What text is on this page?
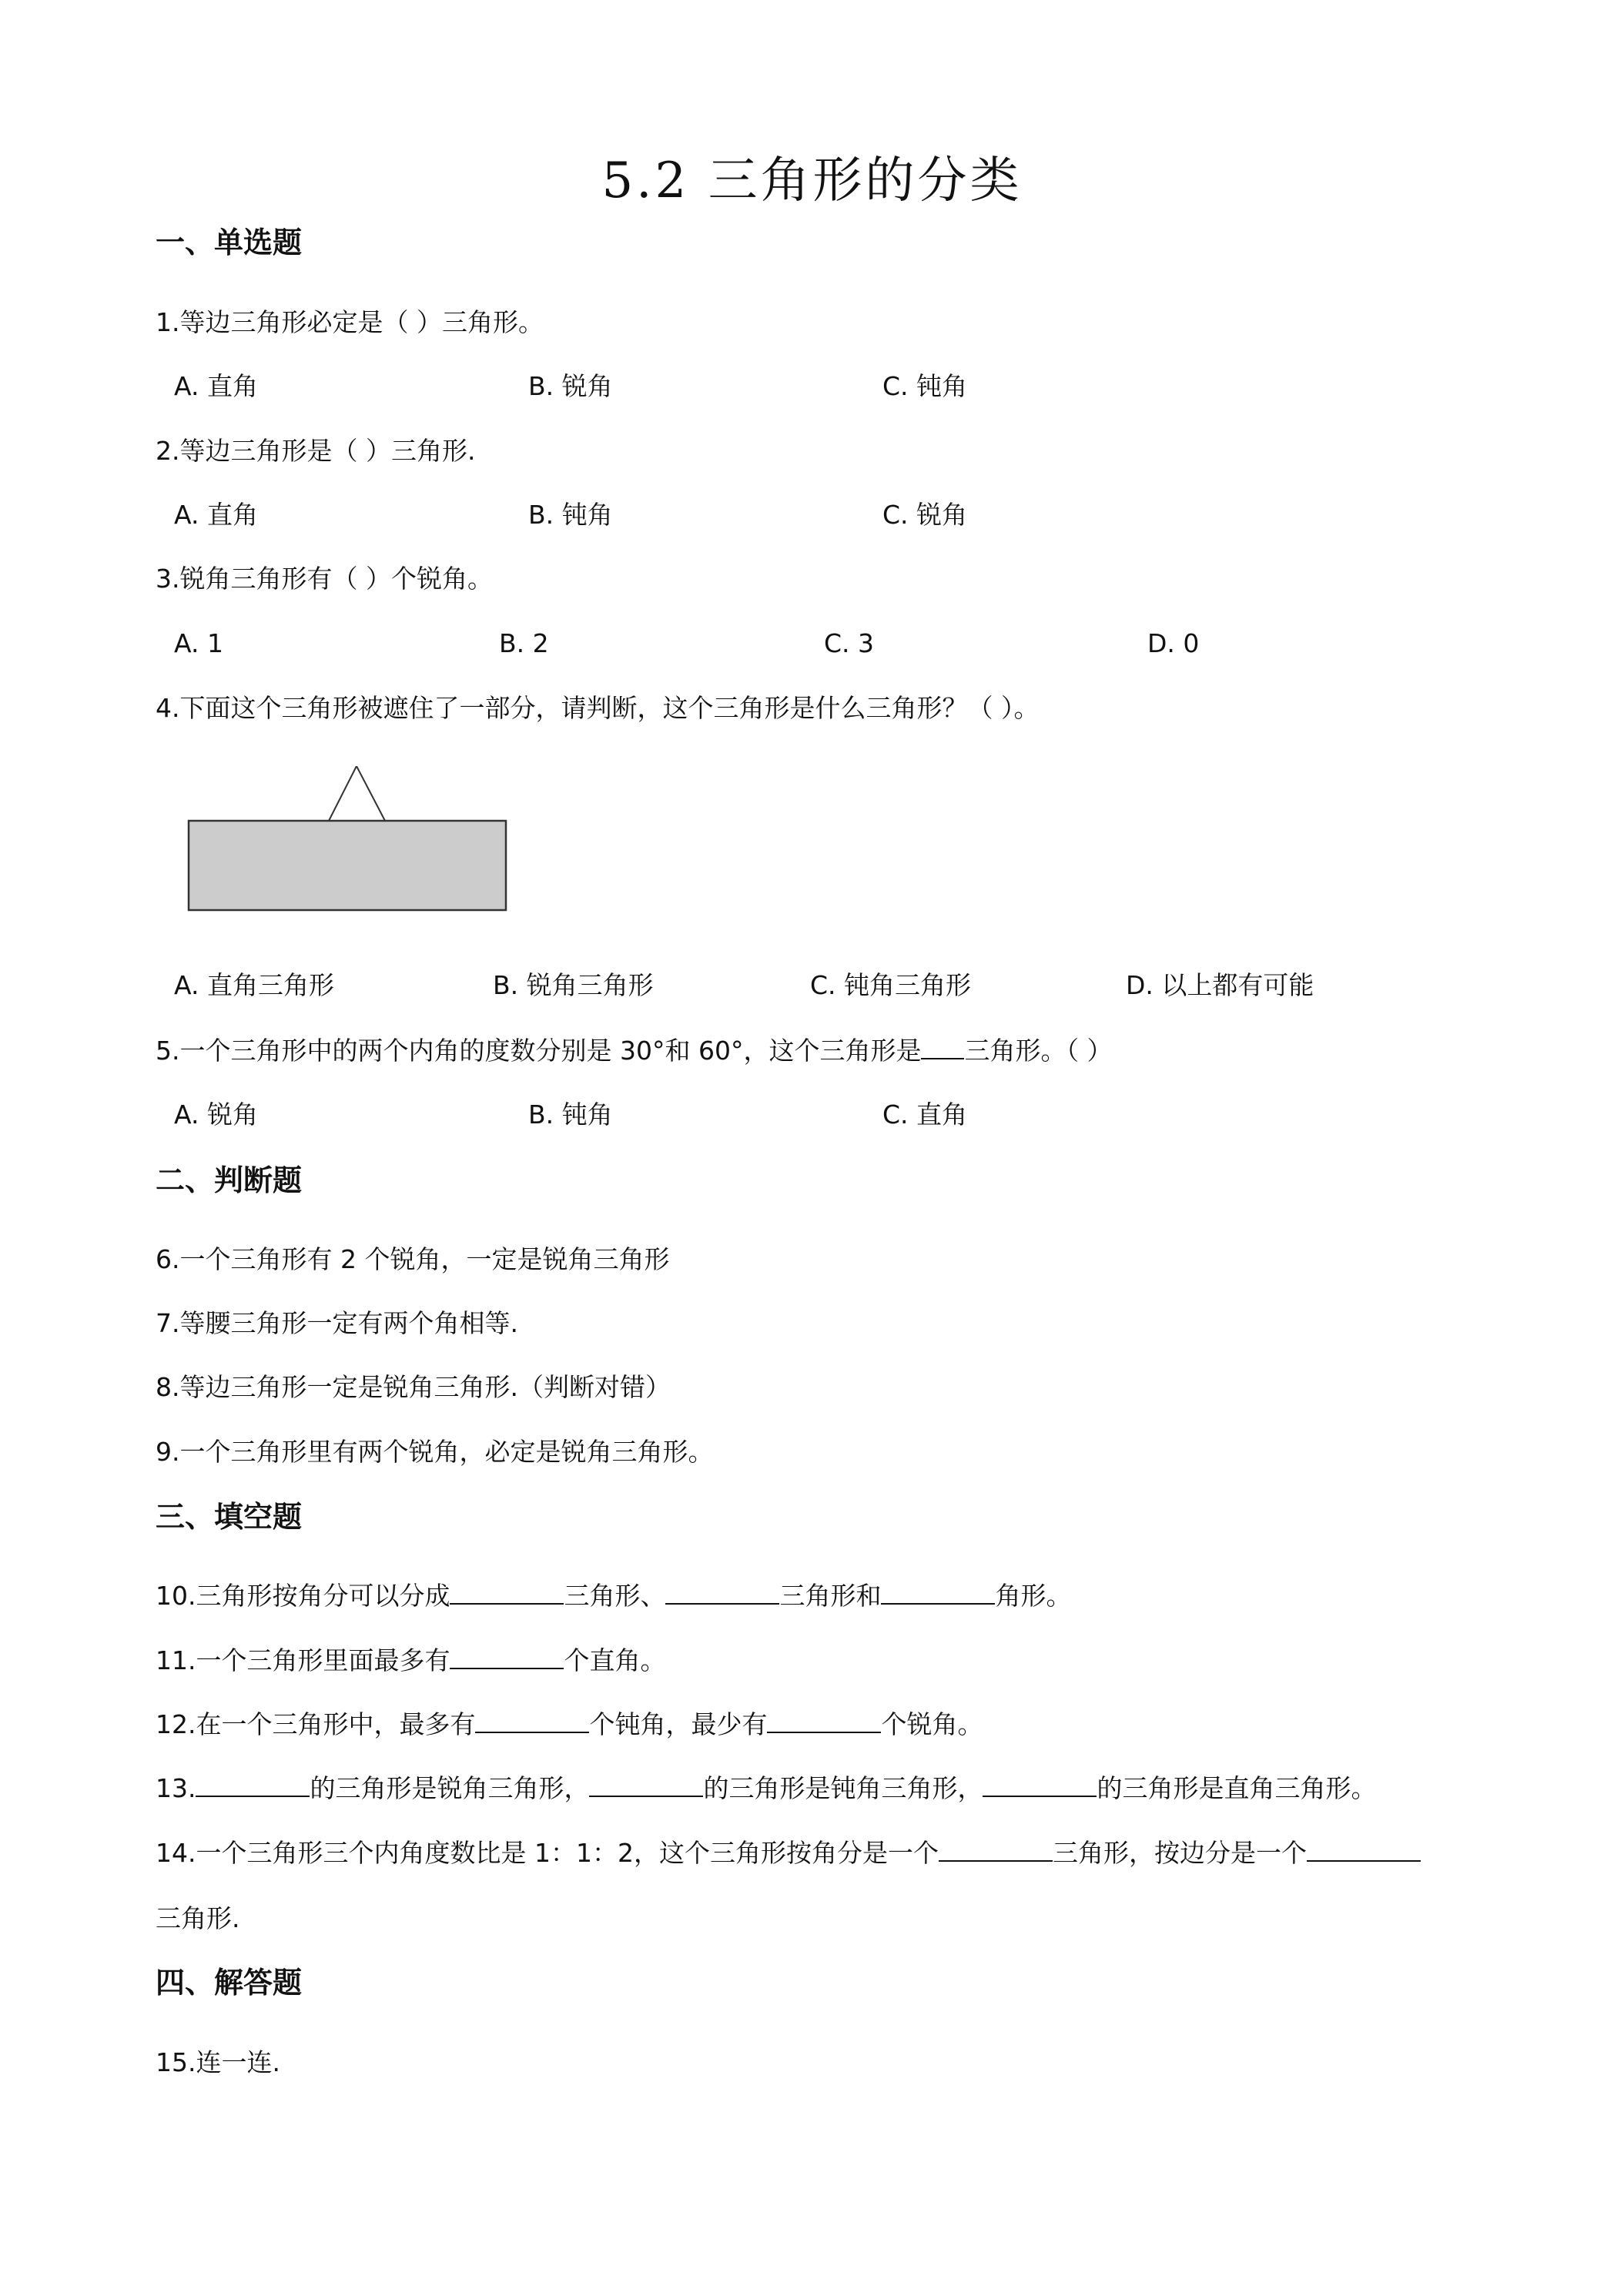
5.2 三角形的分类
一、单选题
1.等边三角形必定是（ ）三角形。
A. 直角	B. 锐角	C. 钝角
2.等边三角形是（ ）三角形.
A. 直角	B. 钝角	C. 锐角
3.锐角三角形有（ ）个锐角。
A. 1	B. 2	C. 3	D. 0
4.下面这个三角形被遮住了一部分，请判断，这个三角形是什么三角形？（ ）。
A. 直角三角形	B. 锐角三角形	C. 钝角三角形	D. 以上都有可能
5.一个三角形中的两个内角的度数分别是 30°和 60°，这个三角形是 三角形。（ ）
A. 锐角	B. 钝角	C. 直角
二、判断题
6.一个三角形有 2 个锐角，一定是锐角三角形
7.等腰三角形一定有两个角相等.
8.等边三角形一定是锐角三角形.（判断对错）
9.一个三角形里有两个锐角，必定是锐角三角形。
三、填空题
10.三角形按角分可以分成	三角形、	三角形和	角形。
11.一个三角形里面最多有	个直角。
12.在一个三角形中，最多有	个钝角，最少有	个锐角。
13.	的三角形是锐角三角形，	的三角形是钝角三角形，	的三角形是直角三角形。
14.一个三角形三个内角度数比是 1：1：2，这个三角形按角分是一个	三角形，按边分是一个
三角形.
四、解答题
15.连一连.
